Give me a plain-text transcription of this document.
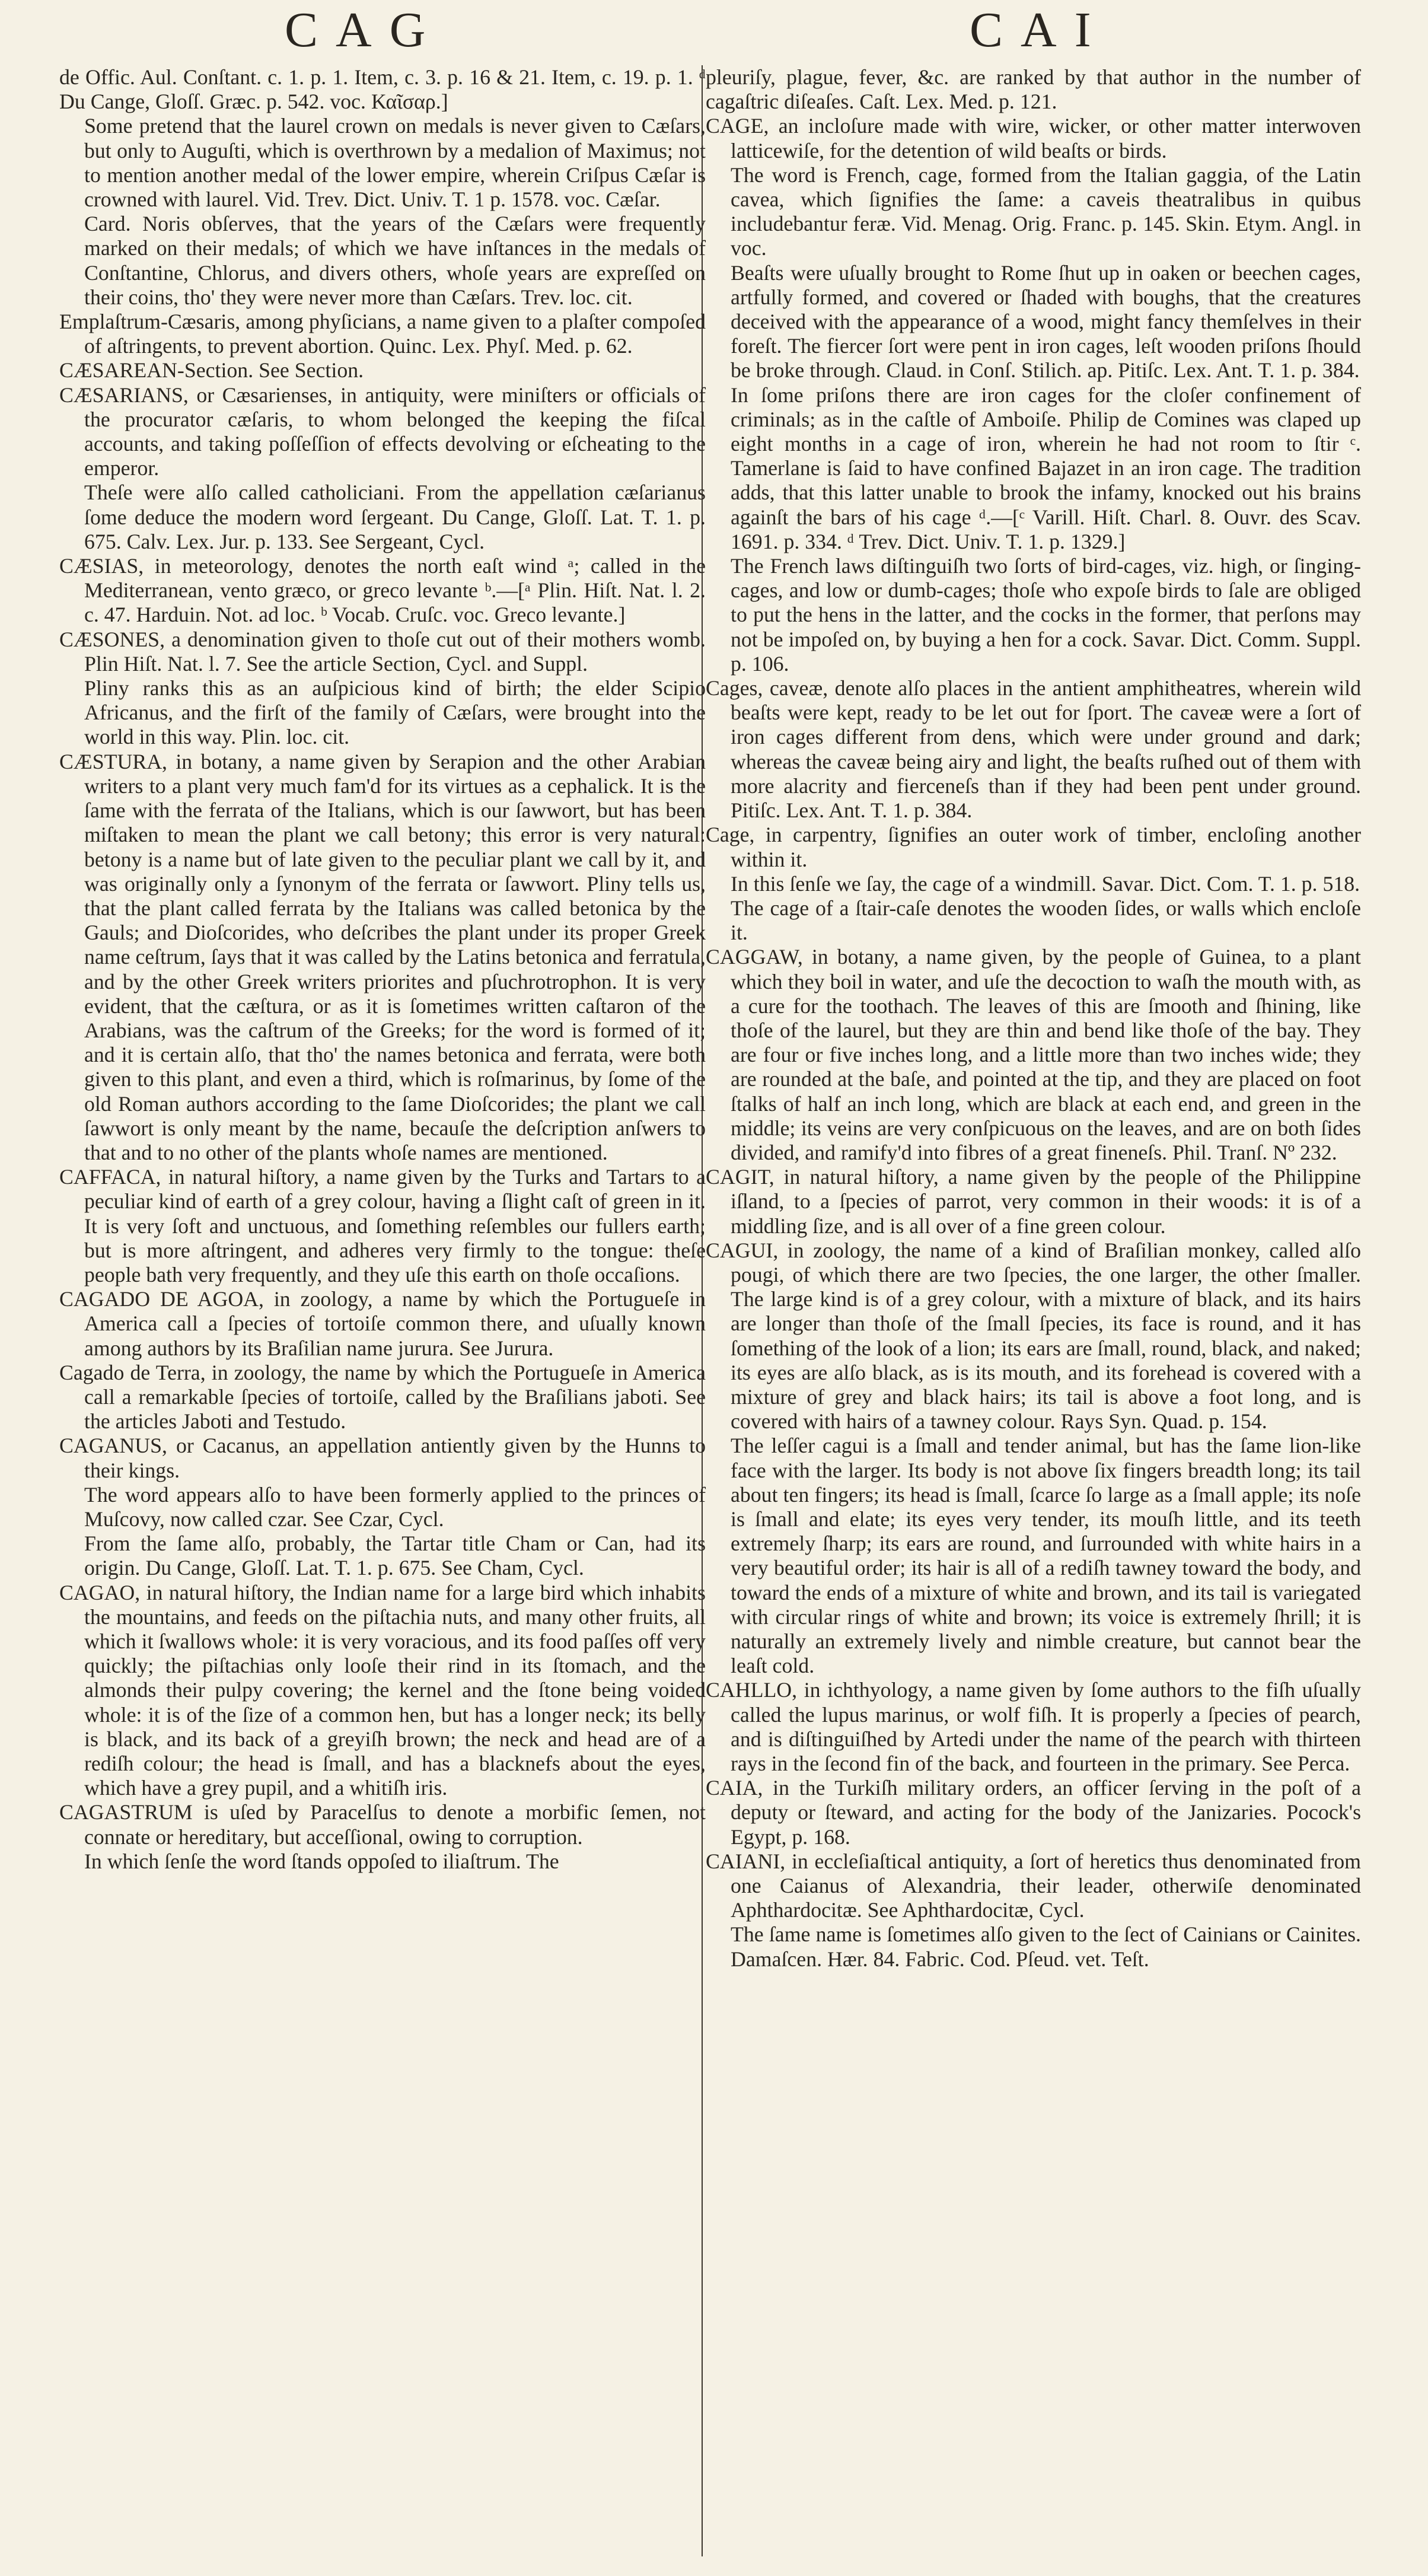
CAG	CAI

de Offic. Aul. Conſtant. c. 1. p. 1. Item, c. 3. p. 16 & 21. Item, c. 19. p. 1. ᵈ Du Cange, Gloſſ. Græc. p. 542. voc. Καῖσαρ.]

Some pretend that the laurel crown on medals is never given to Cæſars, but only to Auguſti, which is overthrown by a medalion of Maximus; not to mention another medal of the lower empire, wherein Criſpus Cæſar is crowned with laurel. Vid. Trev. Dict. Univ. T. 1 p. 1578. voc. Cæſar.

Card. Noris obſerves, that the years of the Cæſars were frequently marked on their medals; of which we have inſtances in the medals of Conſtantine, Chlorus, and divers others, whoſe years are expreſſed on their coins, tho' they were never more than Cæſars. Trev. loc. cit.

Emplaſtrum-Cæsaris, among phyſicians, a name given to a plaſter compoſed of aſtringents, to prevent abortion. Quinc. Lex. Phyſ. Med. p. 62.

CÆSAREAN-Section. See Section.

CÆSARIANS, or Cæsarienses, in antiquity, were miniſters or officials of the procurator cæſaris, to whom belonged the keeping the fiſcal accounts, and taking poſſeſſion of effects devolving or eſcheating to the emperor.

Theſe were alſo called catholiciani. From the appellation cæſarianus ſome deduce the modern word ſergeant. Du Cange, Gloſſ. Lat. T. 1. p. 675. Calv. Lex. Jur. p. 133. See Sergeant, Cycl.

CÆSIAS, in meteorology, denotes the north eaſt wind ᵃ; called in the Mediterranean, vento græco, or greco levante ᵇ.—[ᵃ Plin. Hiſt. Nat. l. 2. c. 47. Harduin. Not. ad loc. ᵇ Vocab. Cruſc. voc. Greco levante.]

CÆSONES, a denomination given to thoſe cut out of their mothers womb. Plin Hiſt. Nat. l. 7. See the article Section, Cycl. and Suppl.

Pliny ranks this as an auſpicious kind of birth; the elder Scipio Africanus, and the firſt of the family of Cæſars, were brought into the world in this way. Plin. loc. cit.

CÆSTURA, in botany, a name given by Serapion and the other Arabian writers to a plant very much fam'd for its virtues as a cephalick. It is the ſame with the ferrata of the Italians, which is our ſawwort, but has been miſtaken to mean the plant we call betony; this error is very natural: betony is a name but of late given to the peculiar plant we call by it, and was originally only a ſynonym of the ferrata or ſawwort. Pliny tells us, that the plant called ferrata by the Italians was called betonica by the Gauls; and Dioſcorides, who deſcribes the plant under its proper Greek name ceſtrum, ſays that it was called by the Latins betonica and ferratula, and by the other Greek writers priorites and pſuchrotrophon. It is very evident, that the cæſtura, or as it is ſometimes written caſtaron of the Arabians, was the caſtrum of the Greeks; for the word is formed of it; and it is certain alſo, that tho' the names betonica and ferrata, were both given to this plant, and even a third, which is roſmarinus, by ſome of the old Roman authors according to the ſame Dioſcorides; the plant we call ſawwort is only meant by the name, becauſe the deſcription anſwers to that and to no other of the plants whoſe names are mentioned.

CAFFACA, in natural hiſtory, a name given by the Turks and Tartars to a peculiar kind of earth of a grey colour, having a ſlight caſt of green in it. It is very ſoft and unctuous, and ſomething reſembles our fullers earth; but is more aſtringent, and adheres very firmly to the tongue: theſe people bath very frequently, and they uſe this earth on thoſe occaſions.

CAGADO DE AGOA, in zoology, a name by which the Portugueſe in America call a ſpecies of tortoiſe common there, and uſually known among authors by its Braſilian name jurura. See Jurura.

Cagado de Terra, in zoology, the name by which the Portugueſe in America call a remarkable ſpecies of tortoiſe, called by the Braſilians jaboti. See the articles Jaboti and Testudo.

CAGANUS, or Cacanus, an appellation antiently given by the Hunns to their kings.

The word appears alſo to have been formerly applied to the princes of Muſcovy, now called czar. See Czar, Cycl.

From the ſame alſo, probably, the Tartar title Cham or Can, had its origin. Du Cange, Gloſſ. Lat. T. 1. p. 675. See Cham, Cycl.

CAGAO, in natural hiſtory, the Indian name for a large bird which inhabits the mountains, and feeds on the piſtachia nuts, and many other fruits, all which it ſwallows whole: it is very voracious, and its food paſſes off very quickly; the piſtachias only looſe their rind in its ſtomach, and the almonds their pulpy covering; the kernel and the ſtone being voided whole: it is of the ſize of a common hen, but has a longer neck; its belly is black, and its back of a greyiſh brown; the neck and head are of a rediſh colour; the head is ſmall, and has a blacknefs about the eyes, which have a grey pupil, and a whitiſh iris.

CAGASTRUM is uſed by Paracelſus to denote a morbific ſemen, not connate or hereditary, but acceſſional, owing to corruption.

In which ſenſe the word ſtands oppoſed to iliaſtrum. The

pleuriſy, plague, fever, &c. are ranked by that author in the number of cagaſtric diſeaſes. Caſt. Lex. Med. p. 121.

CAGE, an incloſure made with wire, wicker, or other matter interwoven latticewiſe, for the detention of wild beaſts or birds.

The word is French, cage, formed from the Italian gaggia, of the Latin cavea, which ſignifies the ſame: a caveis theatralibus in quibus includebantur feræ. Vid. Menag. Orig. Franc. p. 145. Skin. Etym. Angl. in voc.

Beaſts were uſually brought to Rome ſhut up in oaken or beechen cages, artfully formed, and covered or ſhaded with boughs, that the creatures deceived with the appearance of a wood, might fancy themſelves in their foreſt. The fiercer ſort were pent in iron cages, leſt wooden priſons ſhould be broke through. Claud. in Conſ. Stilich. ap. Pitiſc. Lex. Ant. T. 1. p. 384.

In ſome priſons there are iron cages for the cloſer confinement of criminals; as in the caſtle of Amboiſe. Philip de Comines was claped up eight months in a cage of iron, wherein he had not room to ſtir ᶜ. Tamerlane is ſaid to have confined Bajazet in an iron cage. The tradition adds, that this latter unable to brook the infamy, knocked out his brains againſt the bars of his cage ᵈ.—[ᶜ Varill. Hiſt. Charl. 8. Ouvr. des Scav. 1691. p. 334. ᵈ Trev. Dict. Univ. T. 1. p. 1329.]

The French laws diſtinguiſh two ſorts of bird-cages, viz. high, or ſinging-cages, and low or dumb-cages; thoſe who expoſe birds to ſale are obliged to put the hens in the latter, and the cocks in the former, that perſons may not be impoſed on, by buying a hen for a cock. Savar. Dict. Comm. Suppl. p. 106.

Cages, caveæ, denote alſo places in the antient amphitheatres, wherein wild beaſts were kept, ready to be let out for ſport. The caveæ were a ſort of iron cages different from dens, which were under ground and dark; whereas the caveæ being airy and light, the beaſts ruſhed out of them with more alacrity and fierceneſs than if they had been pent under ground. Pitiſc. Lex. Ant. T. 1. p. 384.

Cage, in carpentry, ſignifies an outer work of timber, encloſing another within it.

In this ſenſe we ſay, the cage of a windmill. Savar. Dict. Com. T. 1. p. 518.

The cage of a ſtair-caſe denotes the wooden ſides, or walls which encloſe it.

CAGGAW, in botany, a name given, by the people of Guinea, to a plant which they boil in water, and uſe the decoction to waſh the mouth with, as a cure for the toothach. The leaves of this are ſmooth and ſhining, like thoſe of the laurel, but they are thin and bend like thoſe of the bay. They are four or five inches long, and a little more than two inches wide; they are rounded at the baſe, and pointed at the tip, and they are placed on foot ſtalks of half an inch long, which are black at each end, and green in the middle; its veins are very conſpicuous on the leaves, and are on both ſides divided, and ramify'd into fibres of a great fineneſs. Phil. Tranſ. Nº 232.

CAGIT, in natural hiſtory, a name given by the people of the Philippine iſland, to a ſpecies of parrot, very common in their woods: it is of a middling ſize, and is all over of a fine green colour.

CAGUI, in zoology, the name of a kind of Braſilian monkey, called alſo pougi, of which there are two ſpecies, the one larger, the other ſmaller. The large kind is of a grey colour, with a mixture of black, and its hairs are longer than thoſe of the ſmall ſpecies, its face is round, and it has ſomething of the look of a lion; its ears are ſmall, round, black, and naked; its eyes are alſo black, as is its mouth, and its forehead is covered with a mixture of grey and black hairs; its tail is above a foot long, and is covered with hairs of a tawney colour. Rays Syn. Quad. p. 154.

The leſſer cagui is a ſmall and tender animal, but has the ſame lion-like face with the larger. Its body is not above ſix fingers breadth long; its tail about ten fingers; its head is ſmall, ſcarce ſo large as a ſmall apple; its noſe is ſmall and elate; its eyes very tender, its mouſh little, and its teeth extremely ſharp; its ears are round, and ſurrounded with white hairs in a very beautiful order; its hair is all of a rediſh tawney toward the body, and toward the ends of a mixture of white and brown, and its tail is variegated with circular rings of white and brown; its voice is extremely ſhrill; it is naturally an extremely lively and nimble creature, but cannot bear the leaſt cold.

CAHLLO, in ichthyology, a name given by ſome authors to the fiſh uſually called the lupus marinus, or wolf fiſh. It is properly a ſpecies of pearch, and is diſtinguiſhed by Artedi under the name of the pearch with thirteen rays in the ſecond fin of the back, and fourteen in the primary. See Perca.

CAIA, in the Turkiſh military orders, an officer ſerving in the poſt of a deputy or ſteward, and acting for the body of the Janizaries. Pocock's Egypt, p. 168.

CAIANI, in eccleſiaſtical antiquity, a ſort of heretics thus denominated from one Caianus of Alexandria, their leader, otherwiſe denominated Aphthardocitæ. See Aphthardocitæ, Cycl.

The ſame name is ſometimes alſo given to the ſect of Cainians or Cainites. Damaſcen. Hær. 84. Fabric. Cod. Pſeud. vet. Teſt.
